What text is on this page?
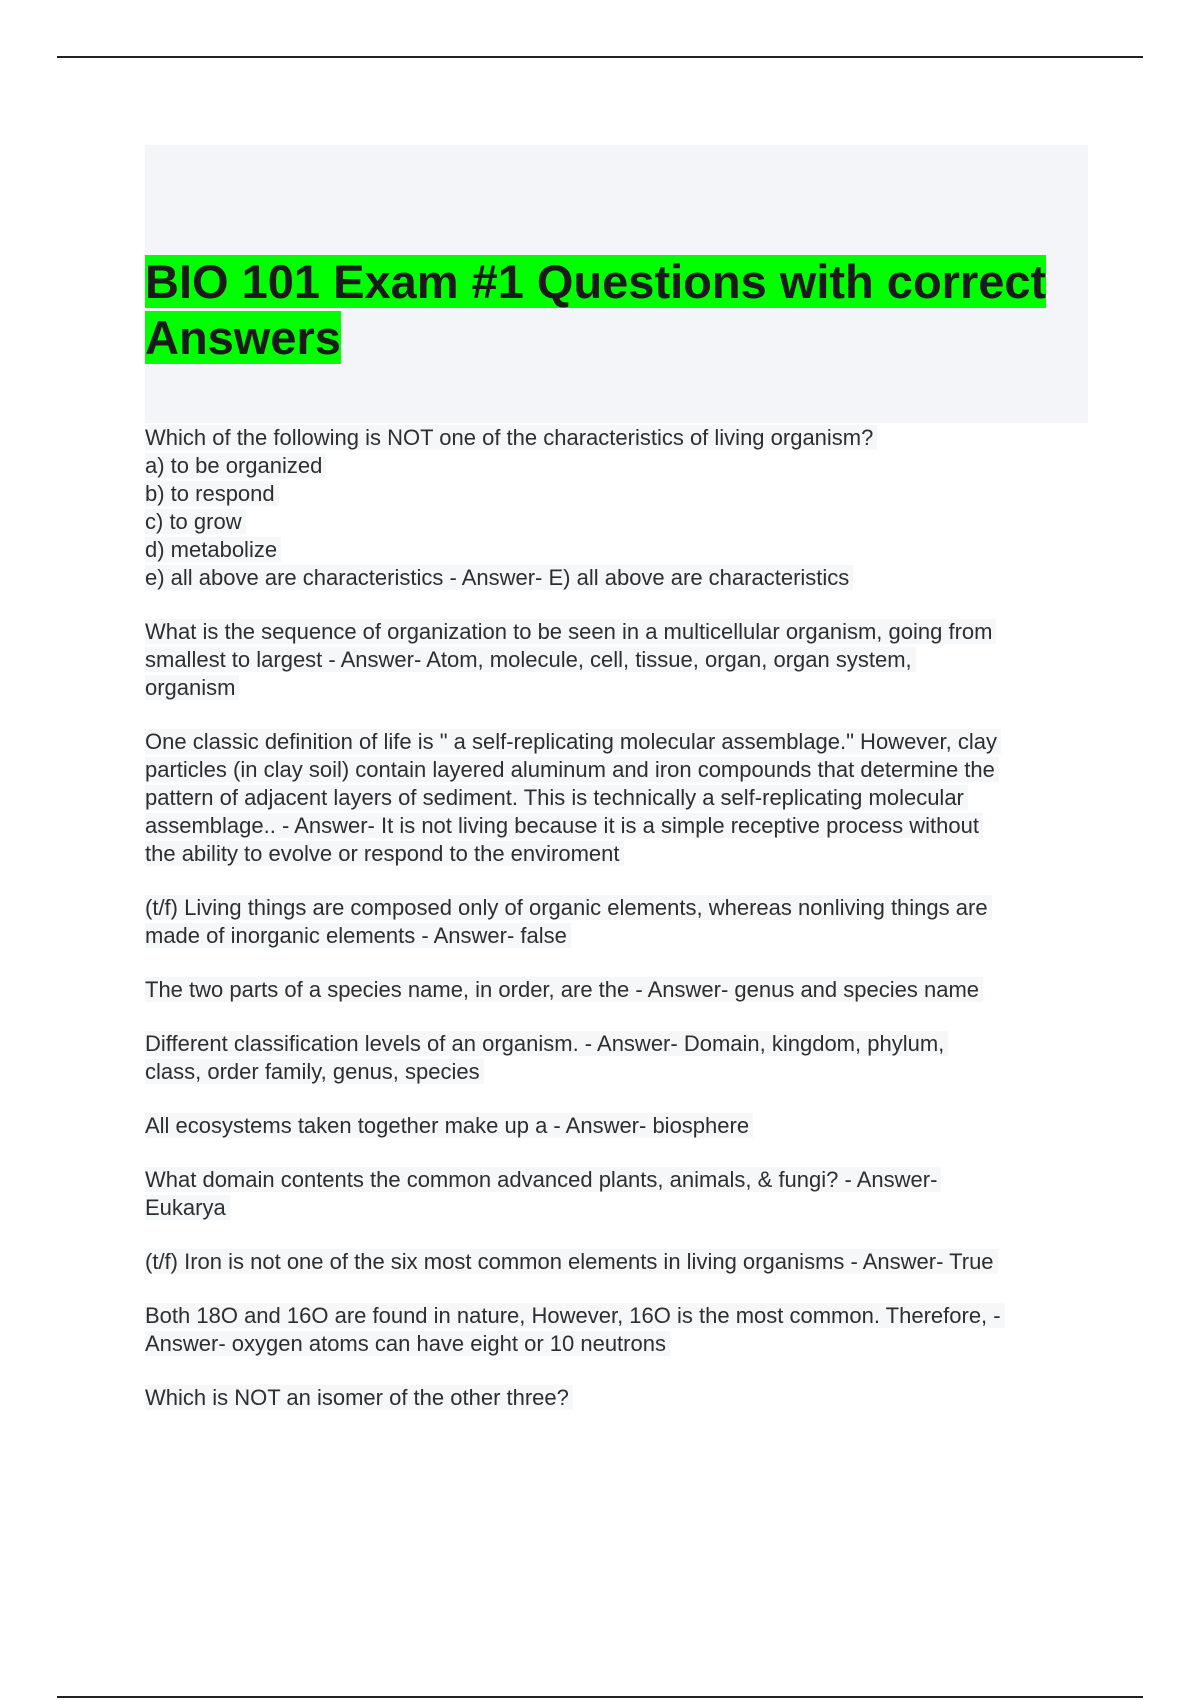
BIO 101 Exam #1 Questions with correct Answers

Which of the following is NOT one of the characteristics of living organism?
a) to be organized
b) to respond
c) to grow
d) metabolize
e) all above are characteristics - Answer- E) all above are characteristics

What is the sequence of organization to be seen in a multicellular organism, going from
smallest to largest - Answer- Atom, molecule, cell, tissue, organ, organ system,
organism

One classic definition of life is " a self-replicating molecular assemblage." However, clay
particles (in clay soil) contain layered aluminum and iron compounds that determine the
pattern of adjacent layers of sediment. This is technically a self-replicating molecular
assemblage.. - Answer- It is not living because it is a simple receptive process without
the ability to evolve or respond to the enviroment

(t/f) Living things are composed only of organic elements, whereas nonliving things are
made of inorganic elements - Answer- false

The two parts of a species name, in order, are the - Answer- genus and species name

Different classification levels of an organism. - Answer- Domain, kingdom, phylum,
class, order family, genus, species

All ecosystems taken together make up a - Answer- biosphere

What domain contents the common advanced plants, animals, & fungi? - Answer-
Eukarya

(t/f) Iron is not one of the six most common elements in living organisms - Answer- True

Both 18O and 16O are found in nature, However, 16O is the most common. Therefore, -
Answer- oxygen atoms can have eight or 10 neutrons

Which is NOT an isomer of the other three?
